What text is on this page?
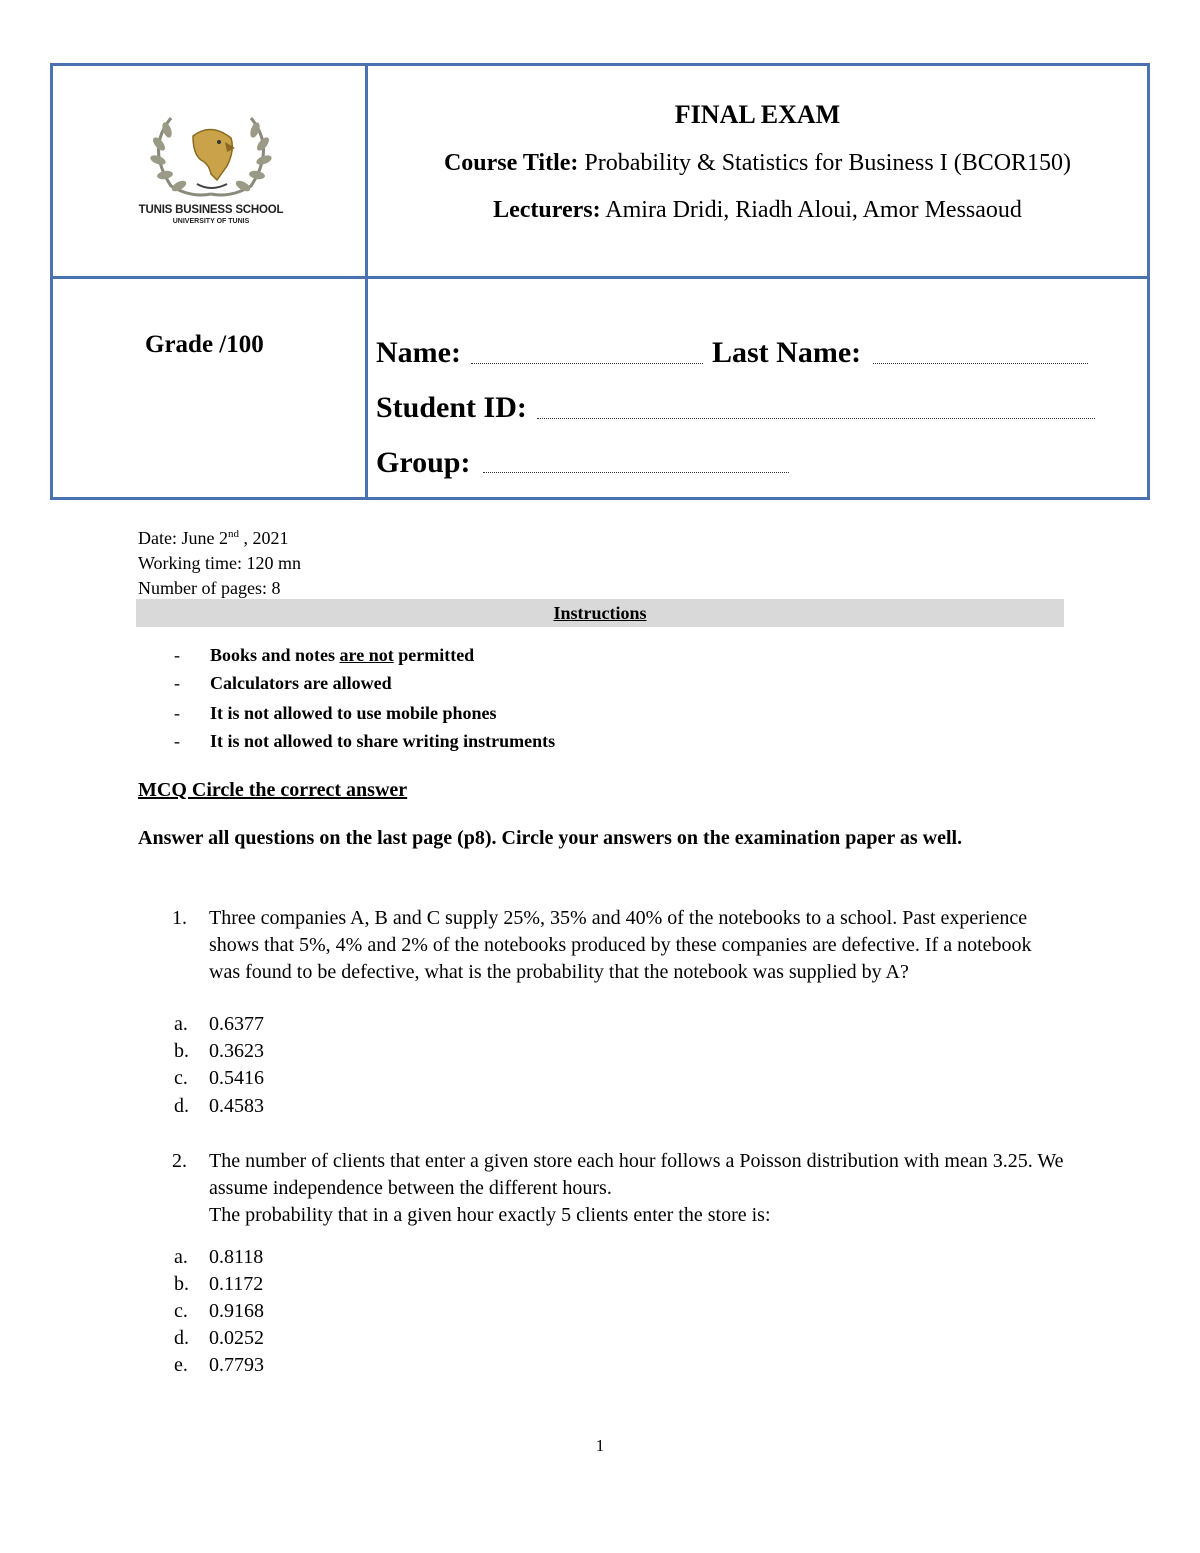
TUNIS BUSINESS SCHOOL
UNIVERSITY OF TUNIS
FINAL EXAM
Course Title: Probability & Statistics for Business I (BCOR150)
Lecturers: Amira Dridi, Riadh Aloui, Amor Messaoud
Grade /100	Name:	Last Name:
Student ID:
Group:
Date: June 2nd , 2021
Working time: 120 mn
Number of pages: 8
Instructions
- Books and notes are not permitted
- Calculators are allowed
- It is not allowed to use mobile phones
- It is not allowed to share writing instruments
MCQ Circle the correct answer
Answer all questions on the last page (p8). Circle your answers on the examination paper as well.
1. Three companies A, B and C supply 25%, 35% and 40% of the notebooks to a school. Past experience shows that 5%, 4% and 2% of the notebooks produced by these companies are defective. If a notebook was found to be defective, what is the probability that the notebook was supplied by A?
a. 0.6377
b. 0.3623
c. 0.5416
d. 0.4583
2. The number of clients that enter a given store each hour follows a Poisson distribution with mean 3.25. We assume independence between the different hours.
The probability that in a given hour exactly 5 clients enter the store is:
a. 0.8118
b. 0.1172
c. 0.9168
d. 0.0252
e. 0.7793
1
